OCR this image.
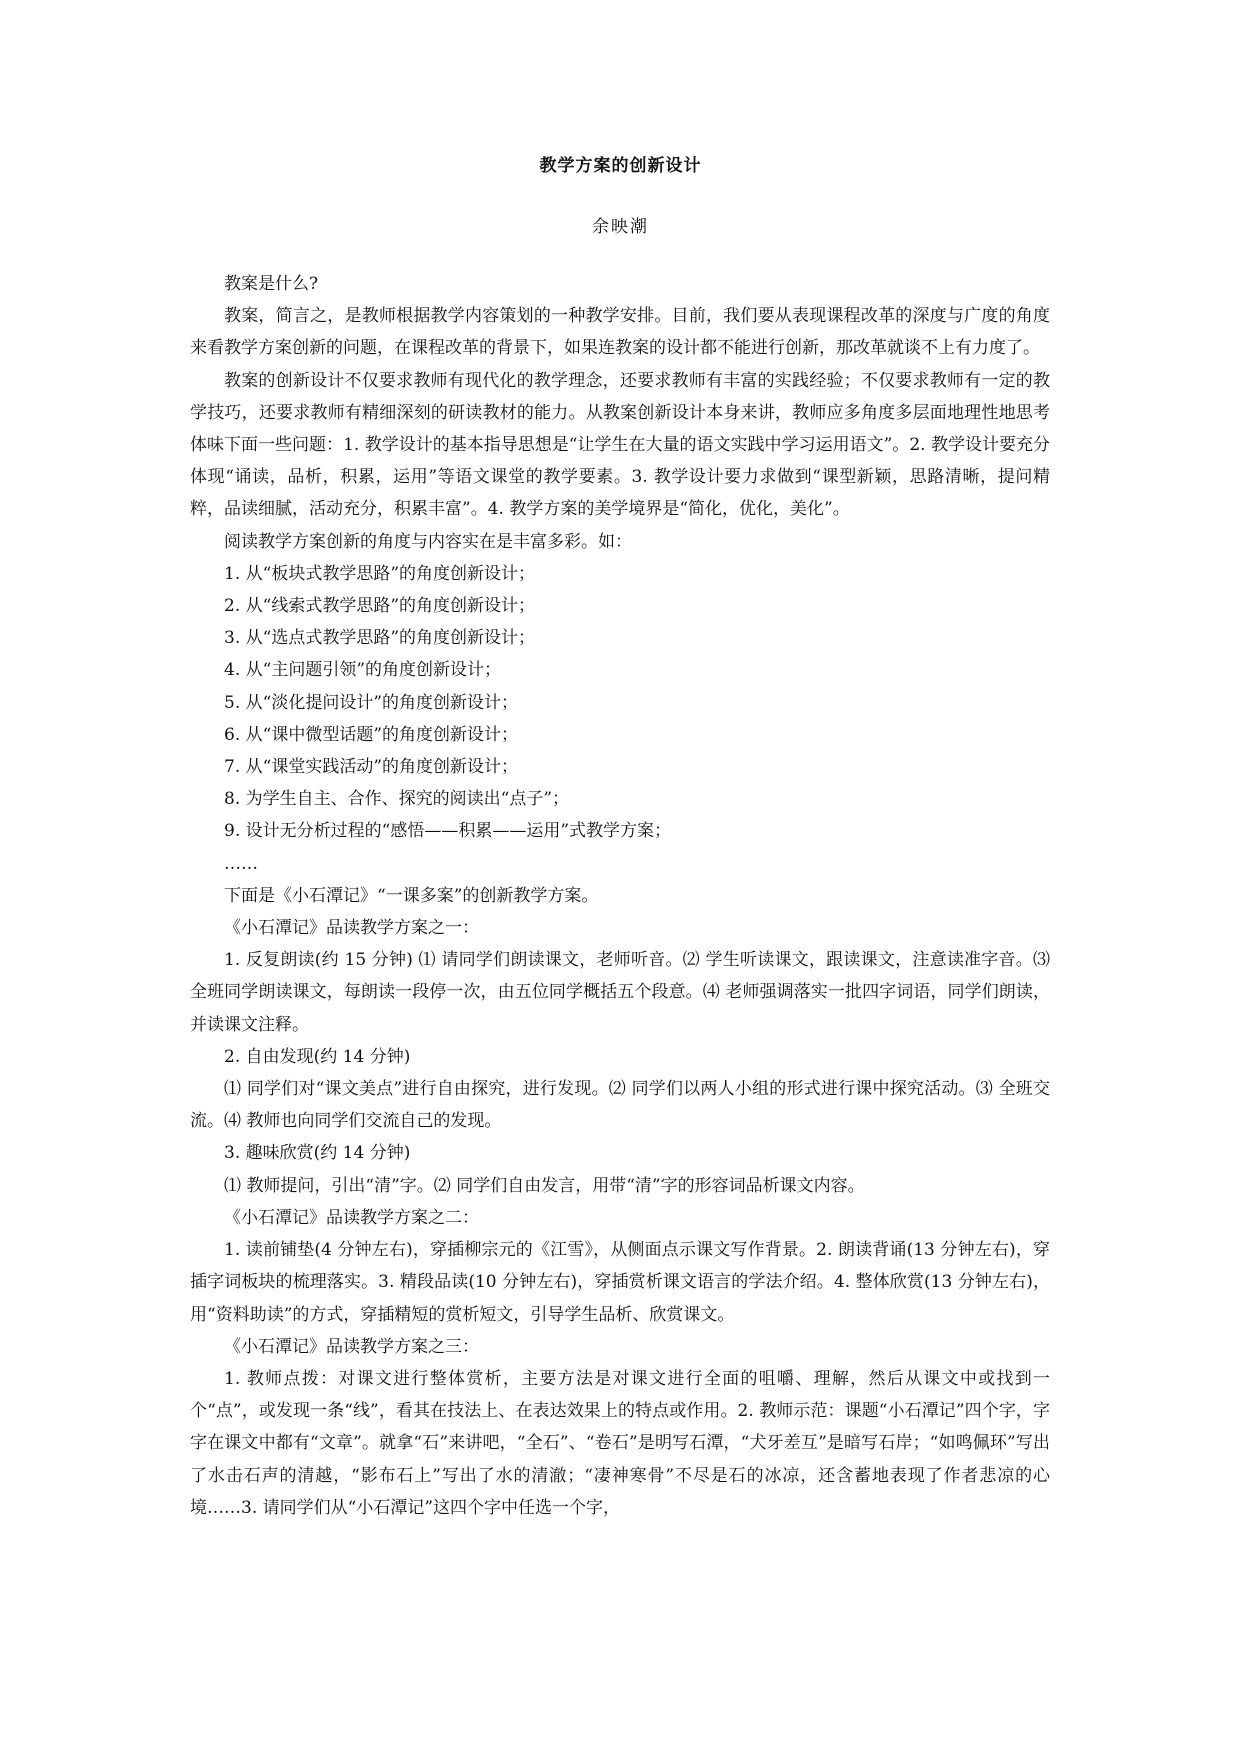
教学方案的创新设计
余映潮

教案是什么?

教案，简言之，是教师根据教学内容策划的一种教学安排。目前，我们要从表现课程改革的深度与广度的角度来看教学方案创新的问题，在课程改革的背景下，如果连教案的设计都不能进行创新，那改革就谈不上有力度了。

教案的创新设计不仅要求教师有现代化的教学理念，还要求教师有丰富的实践经验；不仅要求教师有一定的教学技巧，还要求教师有精细深刻的研读教材的能力。从教案创新设计本身来讲，教师应多角度多层面地理性地思考体味下面一些问题：1. 教学设计的基本指导思想是“让学生在大量的语文实践中学习运用语文”。2. 教学设计要充分体现“诵读，品析，积累，运用”等语文课堂的教学要素。3. 教学设计要力求做到“课型新颖，思路清晰，提问精粹，品读细腻，活动充分，积累丰富”。4. 教学方案的美学境界是“简化，优化，美化”。

阅读教学方案创新的角度与内容实在是丰富多彩。如：

1. 从“板块式教学思路”的角度创新设计；

2. 从“线索式教学思路”的角度创新设计；

3. 从“选点式教学思路”的角度创新设计；

4. 从“主问题引领”的角度创新设计；

5. 从“淡化提问设计”的角度创新设计；

6. 从“课中微型话题”的角度创新设计；

7. 从“课堂实践活动”的角度创新设计；

8. 为学生自主、合作、探究的阅读出“点子”；

9. 设计无分析过程的“感悟——积累——运用”式教学方案；

……

下面是《小石潭记》“一课多案”的创新教学方案。

《小石潭记》品读教学方案之一：

1. 反复朗读(约 15 分钟) ⑴ 请同学们朗读课文，老师听音。⑵ 学生听读课文，跟读课文，注意读准字音。⑶ 全班同学朗读课文，每朗读一段停一次，由五位同学概括五个段意。⑷ 老师强调落实一批四字词语，同学们朗读，并读课文注释。

2. 自由发现(约 14 分钟)

⑴ 同学们对“课文美点”进行自由探究，进行发现。⑵ 同学们以两人小组的形式进行课中探究活动。⑶ 全班交流。⑷ 教师也向同学们交流自己的发现。

3. 趣味欣赏(约 14 分钟)

⑴ 教师提问，引出“清”字。⑵ 同学们自由发言，用带“清”字的形容词品析课文内容。

《小石潭记》品读教学方案之二：

1. 读前铺垫(4 分钟左右)，穿插柳宗元的《江雪》，从侧面点示课文写作背景。2. 朗读背诵(13 分钟左右)，穿插字词板块的梳理落实。3. 精段品读(10 分钟左右)，穿插赏析课文语言的学法介绍。4. 整体欣赏(13 分钟左右)，用“资料助读”的方式，穿插精短的赏析短文，引导学生品析、欣赏课文。

《小石潭记》品读教学方案之三：

1. 教师点拨：对课文进行整体赏析，主要方法是对课文进行全面的咀嚼、理解，然后从课文中或找到一个“点”，或发现一条“线”，看其在技法上、在表达效果上的特点或作用。2. 教师示范：课题“小石潭记”四个字，字字在课文中都有“文章”。就拿“石”来讲吧，“全石”、“卷石”是明写石潭，“犬牙差互”是暗写石岸；“如鸣佩环”写出了水击石声的清越，“影布石上”写出了水的清澈；“凄神寒骨”不尽是石的冰凉，还含蓄地表现了作者悲凉的心境……3. 请同学们从“小石潭记”这四个字中任选一个字，
